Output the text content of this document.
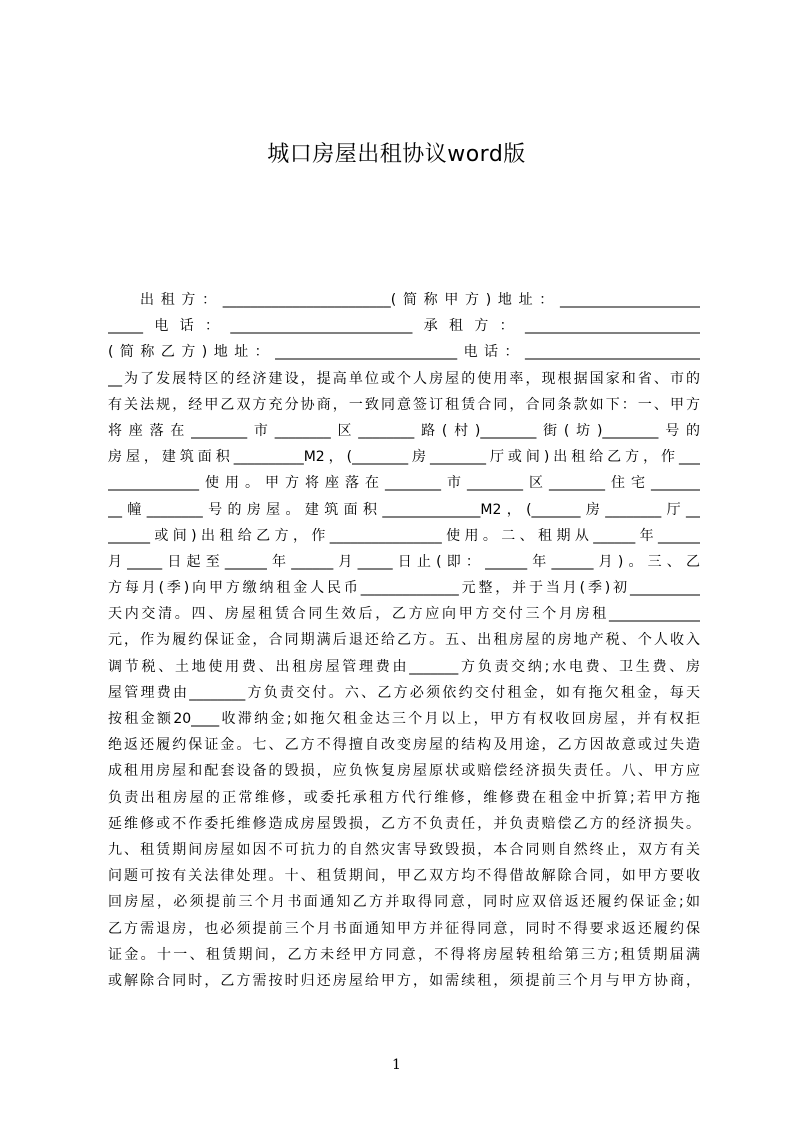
城口房屋出租协议word版
出租方：________________________(简称甲方)地址：____________________
_____电话：__________________________承租方：_________________________
(简称乙方)地址：__________________________电话：_________________________
__为了发展特区的经济建设，提高单位或个人房屋的使用率，现根据国家和省、市的
有关法规，经甲乙双方充分协商，一致同意签订租赁合同，合同条款如下：一、甲方
将座落在________市________区________路(村)________街(坊)________号的
房屋，建筑面积__________M2，(________房________厅或间)出租给乙方，作___
_____________使用。甲方将座落在________市________区________住宅_______
__幢________号的房屋。建筑面积______________M2，(_______房________厅__
______或间)出租给乙方，作________________使用。二、租期从______年______
月_____日起至______年______月_____日止(即：______年______月)。三、乙
方每月(季)向甲方缴纳租金人民币______________元整，并于当月(季)初__________
天内交清。四、房屋租赁合同生效后，乙方应向甲方交付三个月房租_____________
元，作为履约保证金，合同期满后退还给乙方。五、出租房屋的房地产税、个人收入
调节税、土地使用费、出租房屋管理费由_______方负责交纳;水电费、卫生费、房
屋管理费由________方负责交付。六、乙方必须依约交付租金，如有拖欠租金，每天
按租金额20____收滞纳金;如拖欠租金达三个月以上，甲方有权收回房屋，并有权拒
绝返还履约保证金。七、乙方不得擅自改变房屋的结构及用途，乙方因故意或过失造
成租用房屋和配套设备的毁损，应负恢复房屋原状或赔偿经济损失责任。八、甲方应
负责出租房屋的正常维修，或委托承租方代行维修，维修费在租金中折算;若甲方拖
延维修或不作委托维修造成房屋毁损，乙方不负责任，并负责赔偿乙方的经济损失。
九、租赁期间房屋如因不可抗力的自然灾害导致毁损，本合同则自然终止，双方有关
问题可按有关法律处理。十、租赁期间，甲乙双方均不得借故解除合同，如甲方要收
回房屋，必须提前三个月书面通知乙方并取得同意，同时应双倍返还履约保证金;如
乙方需退房，也必须提前三个月书面通知甲方并征得同意，同时不得要求返还履约保
证金。十一、租赁期间，乙方未经甲方同意，不得将房屋转租给第三方;租赁期届满
或解除合同时，乙方需按时归还房屋给甲方，如需续租，须提前三个月与甲方协商，
1
